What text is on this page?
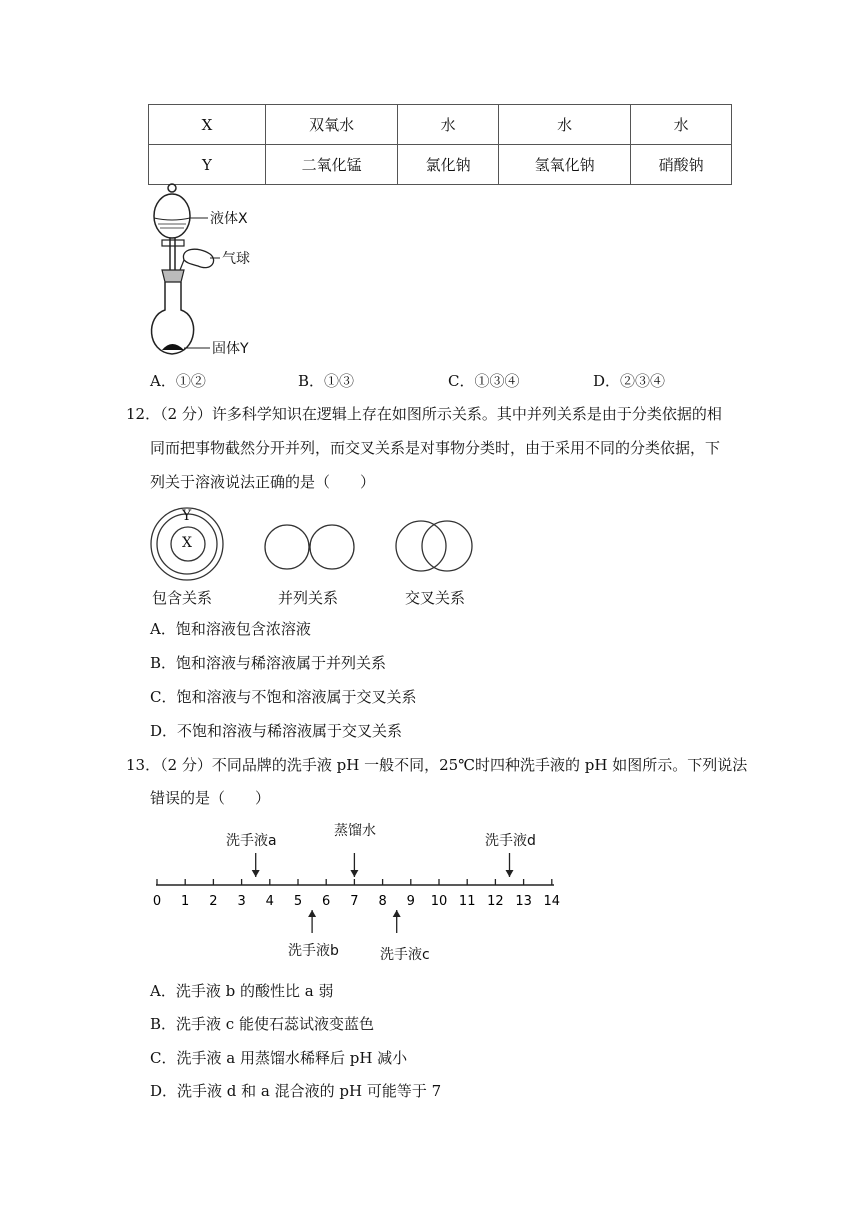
X	双氧水	水	水	水
Y	二氧化锰	氯化钠	氢氧化钠	硝酸钠
液体X
气球
固体Y
A．①②	B．①③	C．①③④	D．②③④
12．（2 分）许多科学知识在逻辑上存在如图所示关系。其中并列关系是由于分类依据的相
同而把事物截然分开并列，而交叉关系是对事物分类时，由于采用不同的分类依据，下
列关于溶液说法正确的是（　　）
Y
X
包含关系	并列关系	交叉关系
A．饱和溶液包含浓溶液
B．饱和溶液与稀溶液属于并列关系
C．饱和溶液与不饱和溶液属于交叉关系
D．不饱和溶液与稀溶液属于交叉关系
13．（2 分）不同品牌的洗手液 pH 一般不同，25℃时四种洗手液的 pH 如图所示。下列说法
错误的是（　　）
0 1 2 3 4 5 6 7 8 9 10 11 12 13 14
洗手液a
蒸馏水
洗手液d
洗手液b	洗手液c
A．洗手液 b 的酸性比 a 弱
B．洗手液 c 能使石蕊试液变蓝色
C．洗手液 a 用蒸馏水稀释后 pH 减小
D．洗手液 d 和 a 混合液的 pH 可能等于 7
